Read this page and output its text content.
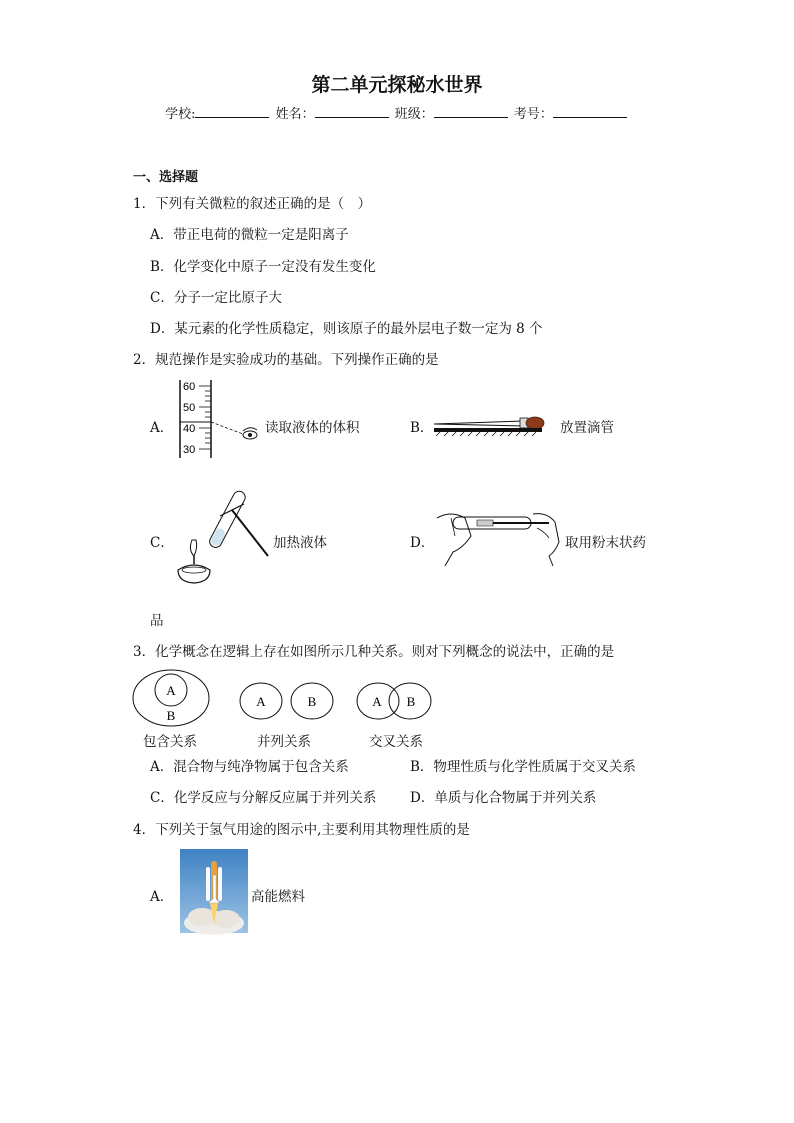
第二单元探秘水世界
学校:	姓名：	班级：	考号：
一、选择题
1．下列有关微粒的叙述正确的是（　）
A．带正电荷的微粒一定是阳离子
B．化学变化中原子一定没有发生变化
C．分子一定比原子大
D．某元素的化学性质稳定，则该原子的最外层电子数一定为 8 个
2．规范操作是实验成功的基础。下列操作正确的是
A．
60
50
40
30
读取液体的体积	B．	放置滴管
C．	加热液体	D．	取用粉末状药
品
3．化学概念在逻辑上存在如图所示几种关系。则对下列概念的说法中，正确的是
A
B
A	B	A B
包含关系	并列关系	交叉关系
A．混合物与纯净物属于包含关系	B．物理性质与化学性质属于交叉关系
C．化学反应与分解反应属于并列关系 D．单质与化合物属于并列关系
4．下列关于氢气用途的图示中,主要利用其物理性质的是
A．	高能燃料
